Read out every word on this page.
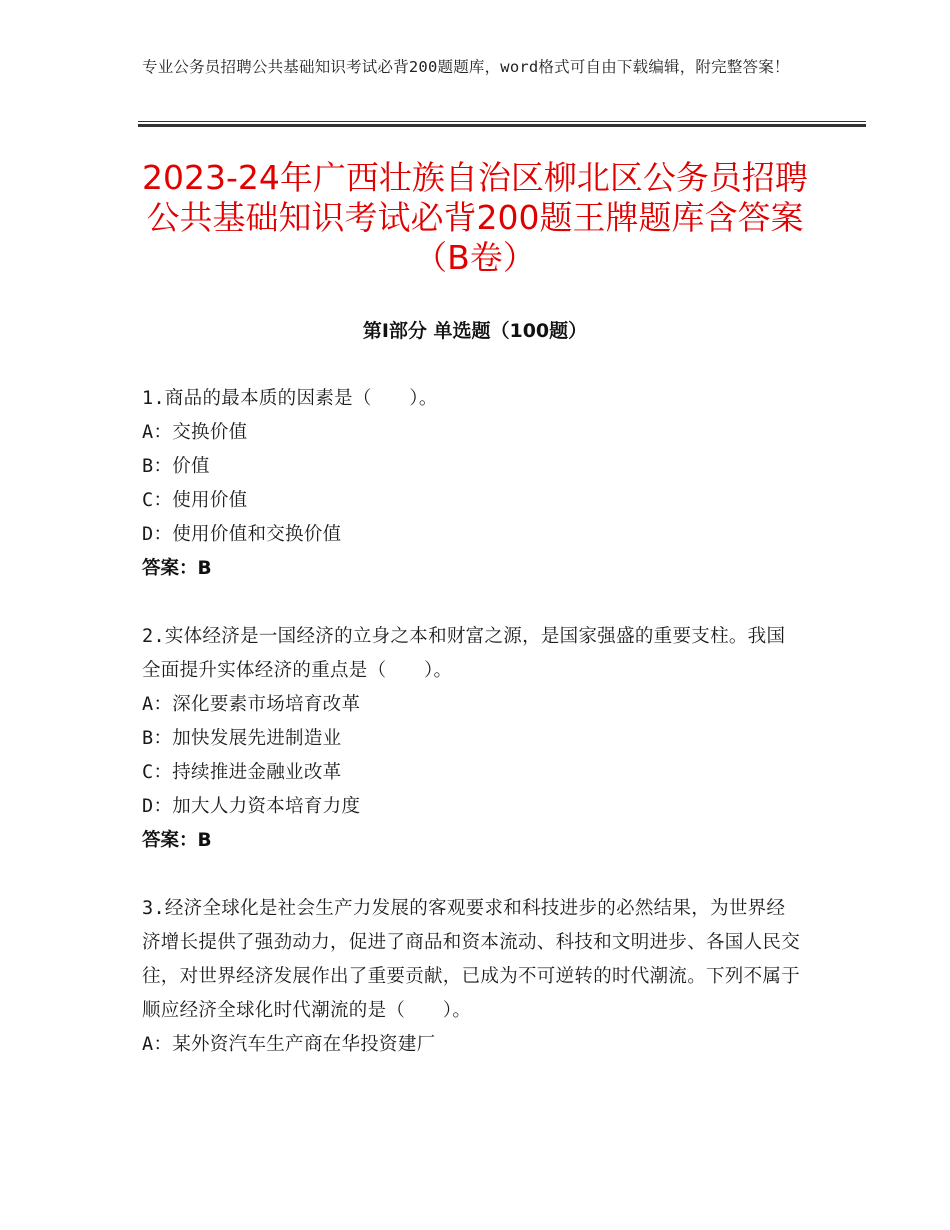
专业公务员招聘公共基础知识考试必背200题题库，word格式可自由下载编辑，附完整答案！
2023-24年广西壮族自治区柳北区公务员招聘公共基础知识考试必背200题王牌题库含答案（B卷）
第Ⅰ部分 单选题（100题）
1.商品的最本质的因素是（　　）。
A：交换价值
B：价值
C：使用价值
D：使用价值和交换价值
答案：B
2.实体经济是一国经济的立身之本和财富之源，是国家强盛的重要支柱。我国全面提升实体经济的重点是（　　）。
A：深化要素市场培育改革
B：加快发展先进制造业
C：持续推进金融业改革
D：加大人力资本培育力度
答案：B
3.经济全球化是社会生产力发展的客观要求和科技进步的必然结果，为世界经济增长提供了强劲动力，促进了商品和资本流动、科技和文明进步、各国人民交往，对世界经济发展作出了重要贡献，已成为不可逆转的时代潮流。下列不属于顺应经济全球化时代潮流的是（　　）。
A：某外资汽车生产商在华投资建厂
